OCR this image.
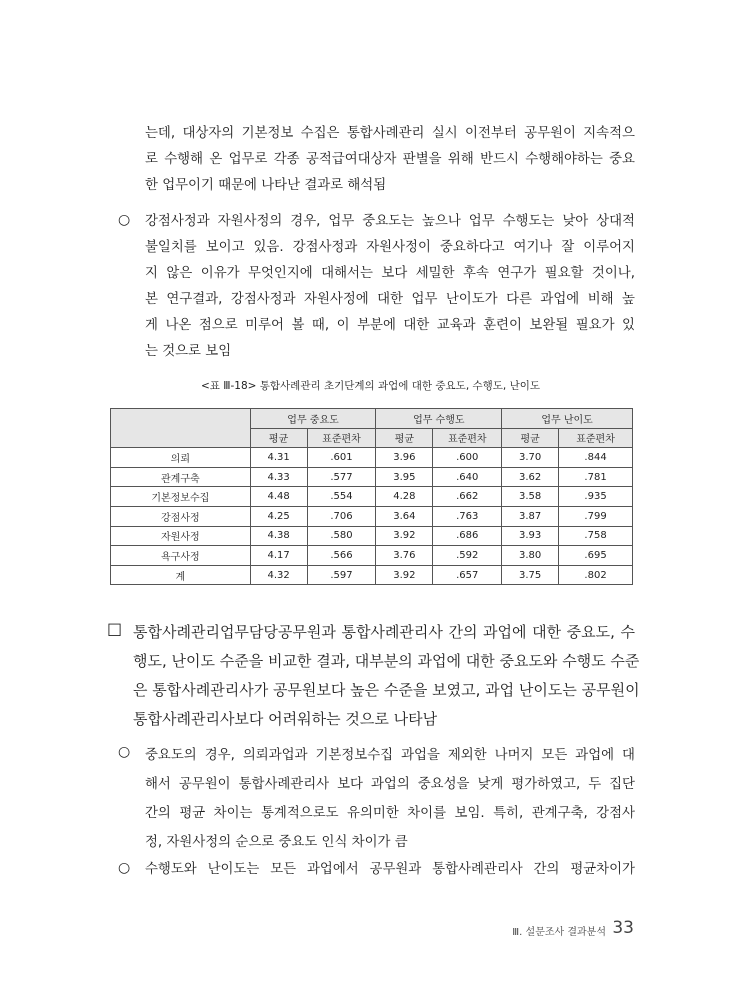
는데, 대상자의 기본정보 수집은 통합사례관리 실시 이전부터 공무원이 지속적으
로 수행해 온 업무로 각종 공적급여대상자 판별을 위해 반드시 수행해야하는 중요
한 업무이기 때문에 나타난 결과로 해석됨
○ 강점사정과 자원사정의 경우, 업무 중요도는 높으나 업무 수행도는 낮아 상대적
불일치를 보이고 있음. 강점사정과 자원사정이 중요하다고 여기나 잘 이루어지
지 않은 이유가 무엇인지에 대해서는 보다 세밀한 후속 연구가 필요할 것이나,
본 연구결과, 강점사정과 자원사정에 대한 업무 난이도가 다른 과업에 비해 높
게 나온 점으로 미루어 볼 때, 이 부분에 대한 교육과 훈련이 보완될 필요가 있
는 것으로 보임
<표 Ⅲ-18> 통합사례관리 초기단계의 과업에 대한 중요도, 수행도, 난이도
	업무 중요도		업무 수행도		업무 난이도	
	평균	표준편차	평균	표준편차	평균	표준편차
의뢰	4.31	.601	3.96	.600	3.70	.844
관계구축	4.33	.577	3.95	.640	3.62	.781
기본정보수집	4.48	.554	4.28	.662	3.58	.935
강점사정	4.25	.706	3.64	.763	3.87	.799
자원사정	4.38	.580	3.92	.686	3.93	.758
욕구사정	4.17	.566	3.76	.592	3.80	.695
계	4.32	.597	3.92	.657	3.75	.802
□ 통합사례관리업무담당공무원과 통합사례관리사 간의 과업에 대한 중요도, 수
행도, 난이도 수준을 비교한 결과, 대부분의 과업에 대한 중요도와 수행도 수준
은 통합사례관리사가 공무원보다 높은 수준을 보였고, 과업 난이도는 공무원이
통합사례관리사보다 어려워하는 것으로 나타남
○ 중요도의 경우, 의뢰과업과 기본정보수집 과업을 제외한 나머지 모든 과업에 대
해서 공무원이 통합사례관리사 보다 과업의 중요성을 낮게 평가하였고, 두 집단
간의 평균 차이는 통계적으로도 유의미한 차이를 보임. 특히, 관계구축, 강점사
정, 자원사정의 순으로 중요도 인식 차이가 큼
○ 수행도와 난이도는 모든 과업에서 공무원과 통합사례관리사 간의 평균차이가
Ⅲ. 설문조사 결과분석 33
